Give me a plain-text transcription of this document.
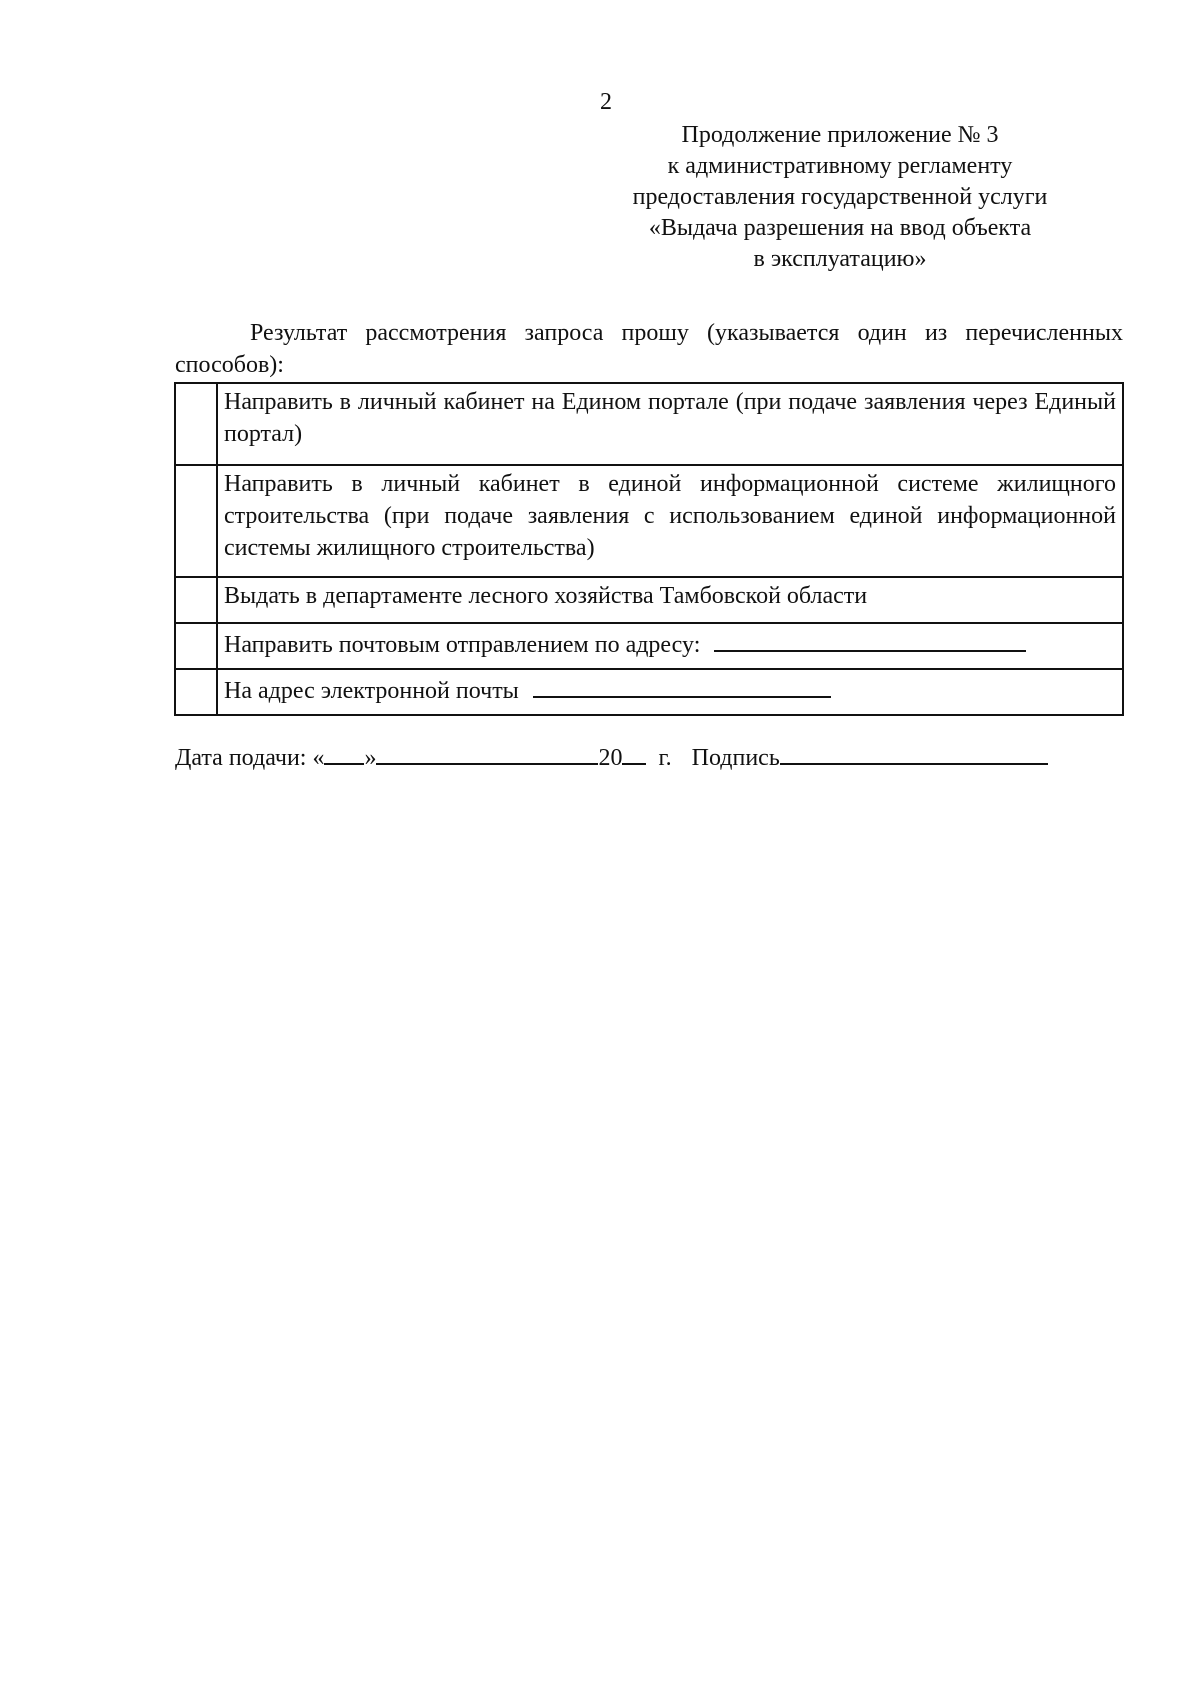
2
Продолжение приложение № 3
к административному регламенту
предоставления государственной услуги
«Выдача разрешения на ввод объекта
в эксплуатацию»
Результат рассмотрения запроса прошу (указывается один из перечисленных способов):
	Направить в личный кабинет на Едином портале (при подаче заявления через Единый портал)
	Направить в личный кабинет в единой информационной системе жилищного строительства (при подаче заявления с использованием единой информационной системы жилищного строительства)
	Выдать в департаменте лесного хозяйства Тамбовской области
	Направить почтовым отправлением по адресу:
	На адрес электронной почты
Дата подачи: « »	20 г. Подпись
